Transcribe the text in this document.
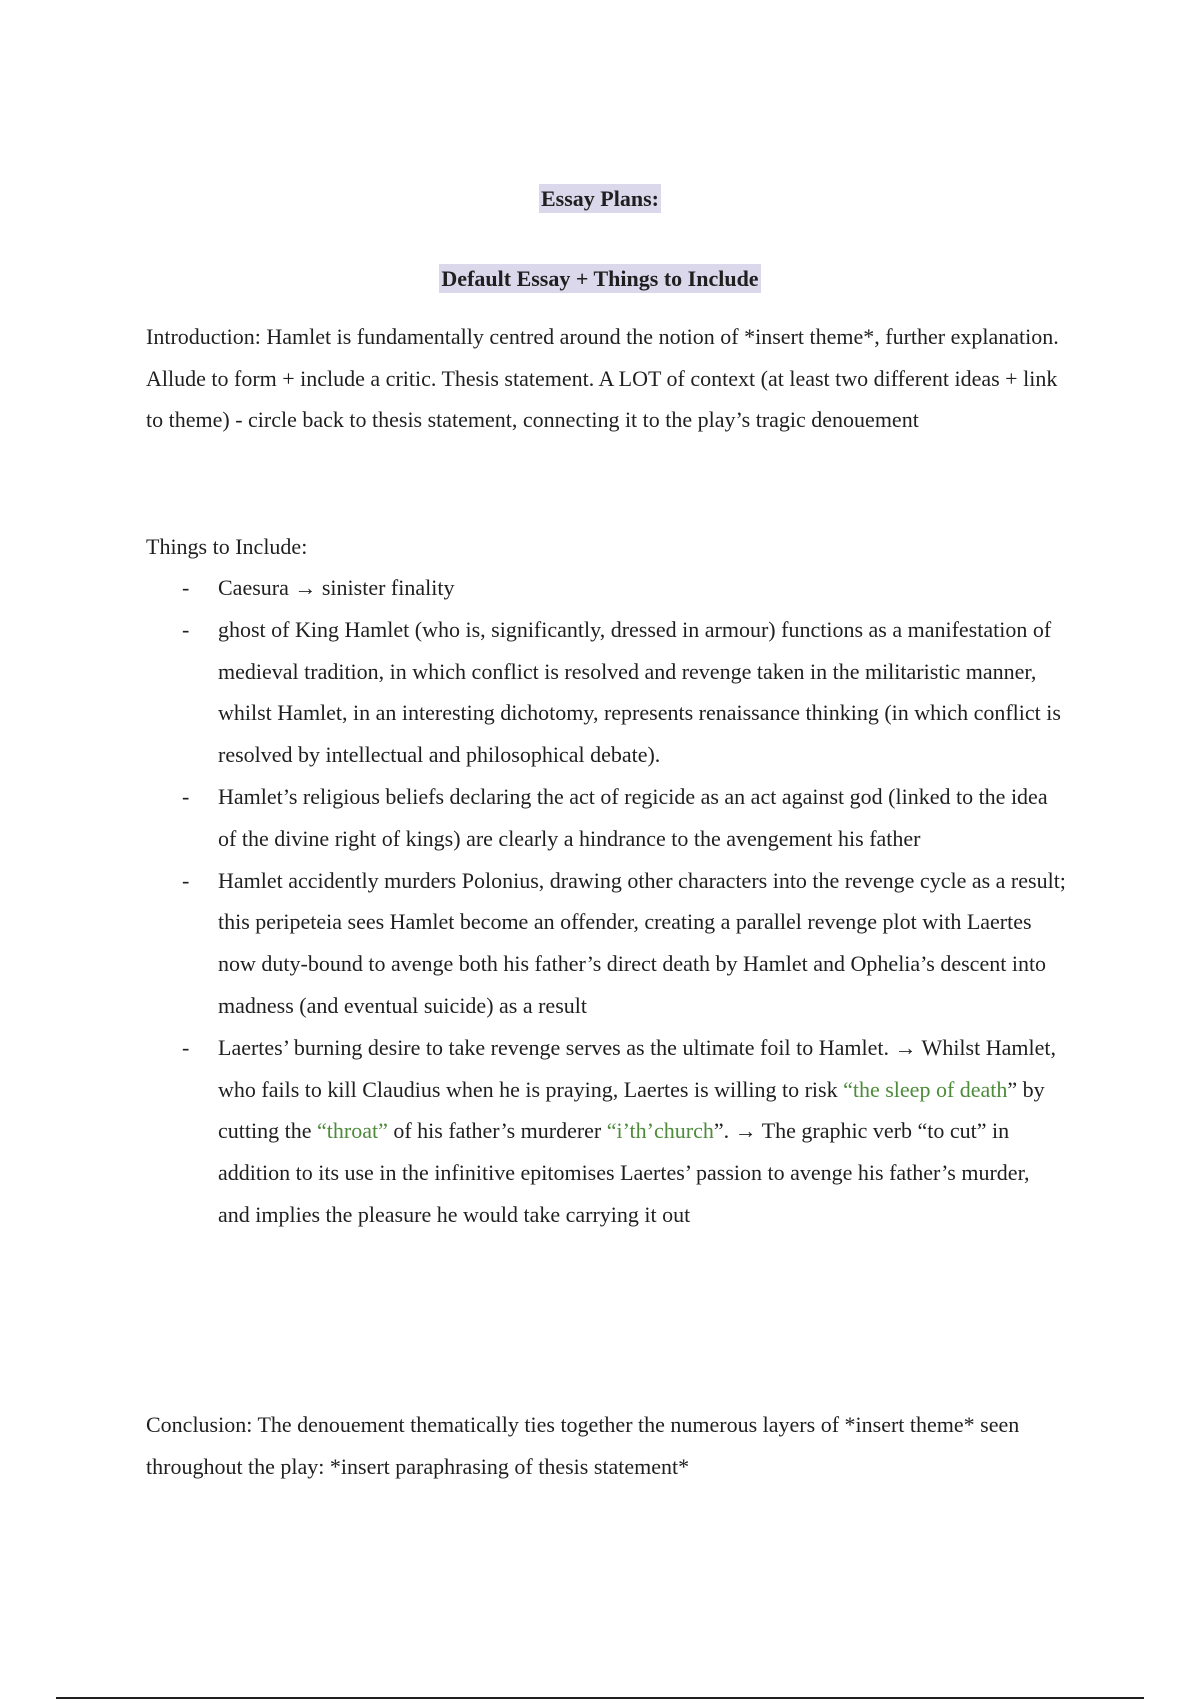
Essay Plans:
Default Essay + Things to Include
Introduction: Hamlet is fundamentally centred around the notion of *insert theme*, further explanation. Allude to form + include a critic. Thesis statement. A LOT of context (at least two different ideas + link to theme) - circle back to thesis statement, connecting it to the play’s tragic denouement
Things to Include:
- Caesura → sinister finality
- ghost of King Hamlet (who is, significantly, dressed in armour) functions as a manifestation of medieval tradition, in which conflict is resolved and revenge taken in the militaristic manner, whilst Hamlet, in an interesting dichotomy, represents renaissance thinking (in which conflict is resolved by intellectual and philosophical debate).
- Hamlet’s religious beliefs declaring the act of regicide as an act against god (linked to the idea of the divine right of kings) are clearly a hindrance to the avengement his father
- Hamlet accidently murders Polonius, drawing other characters into the revenge cycle as a result; this peripeteia sees Hamlet become an offender, creating a parallel revenge plot with Laertes now duty-bound to avenge both his father’s direct death by Hamlet and Ophelia’s descent into madness (and eventual suicide) as a result
- Laertes’ burning desire to take revenge serves as the ultimate foil to Hamlet. → Whilst Hamlet, who fails to kill Claudius when he is praying, Laertes is willing to risk “the sleep of death” by cutting the “throat” of his father’s murderer “i’th’church”. → The graphic verb “to cut” in addition to its use in the infinitive epitomises Laertes’ passion to avenge his father’s murder, and implies the pleasure he would take carrying it out
Conclusion: The denouement thematically ties together the numerous layers of *insert theme* seen throughout the play: *insert paraphrasing of thesis statement*
